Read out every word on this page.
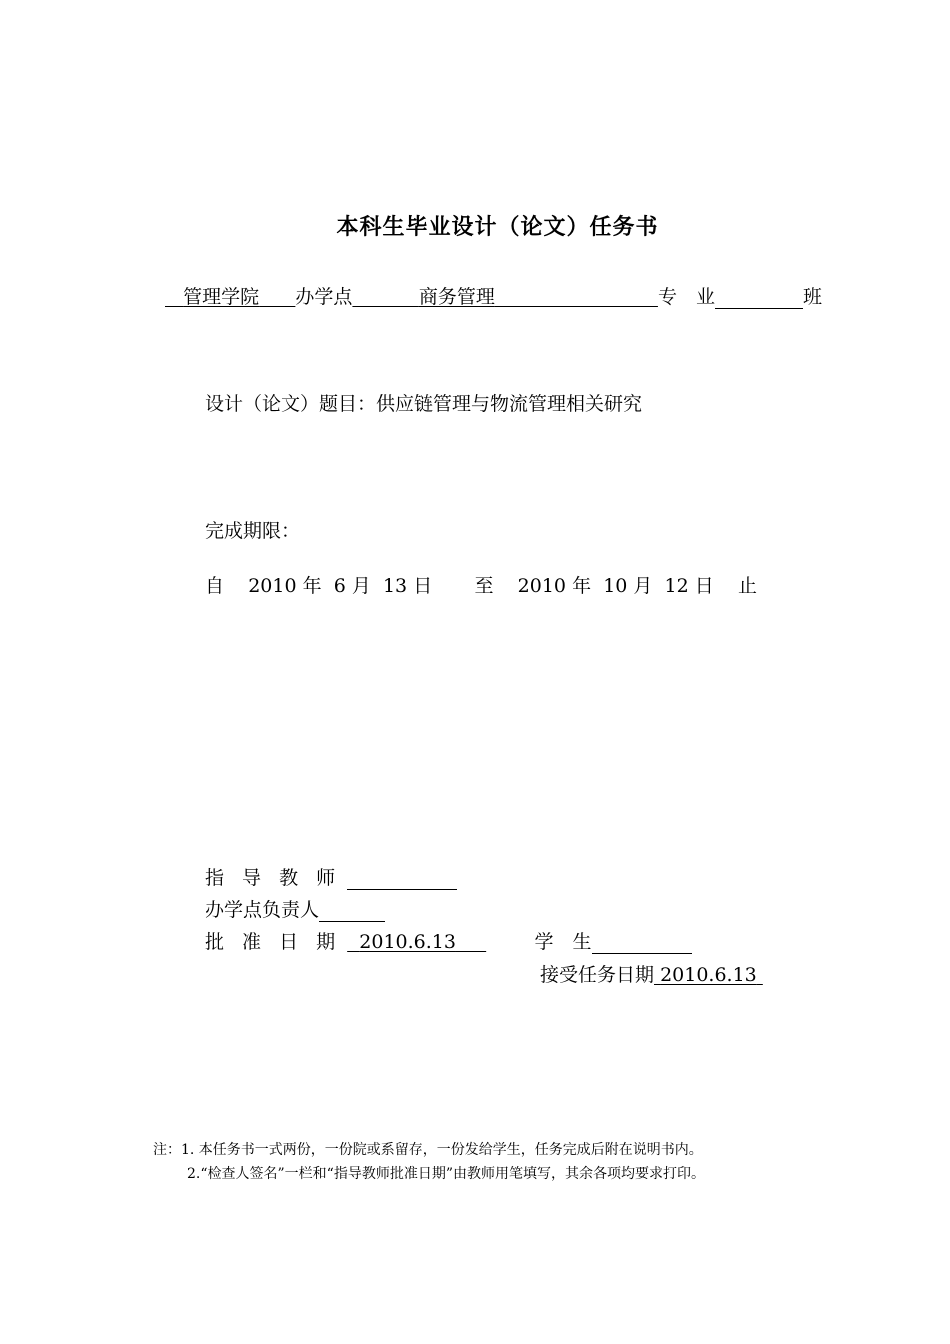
本科生毕业设计（论文）任务书
管理学院 办学点	商务管理	专　业	班
设计（论文）题目：供应链管理与物流管理相关研究
完成期限：
自 2010 年 6 月 13 日 至 2010 年 10 月 12 日 止
指 导 教 师
办学点负责人
批 准 日 期 2010.6.13	学　生
接受任务日期 2010.6.13
注：1. 本任务书一式两份，一份院或系留存，一份发给学生，任务完成后附在说明书内。
2.“检查人签名”一栏和“指导教师批准日期”由教师用笔填写，其余各项均要求打印。
